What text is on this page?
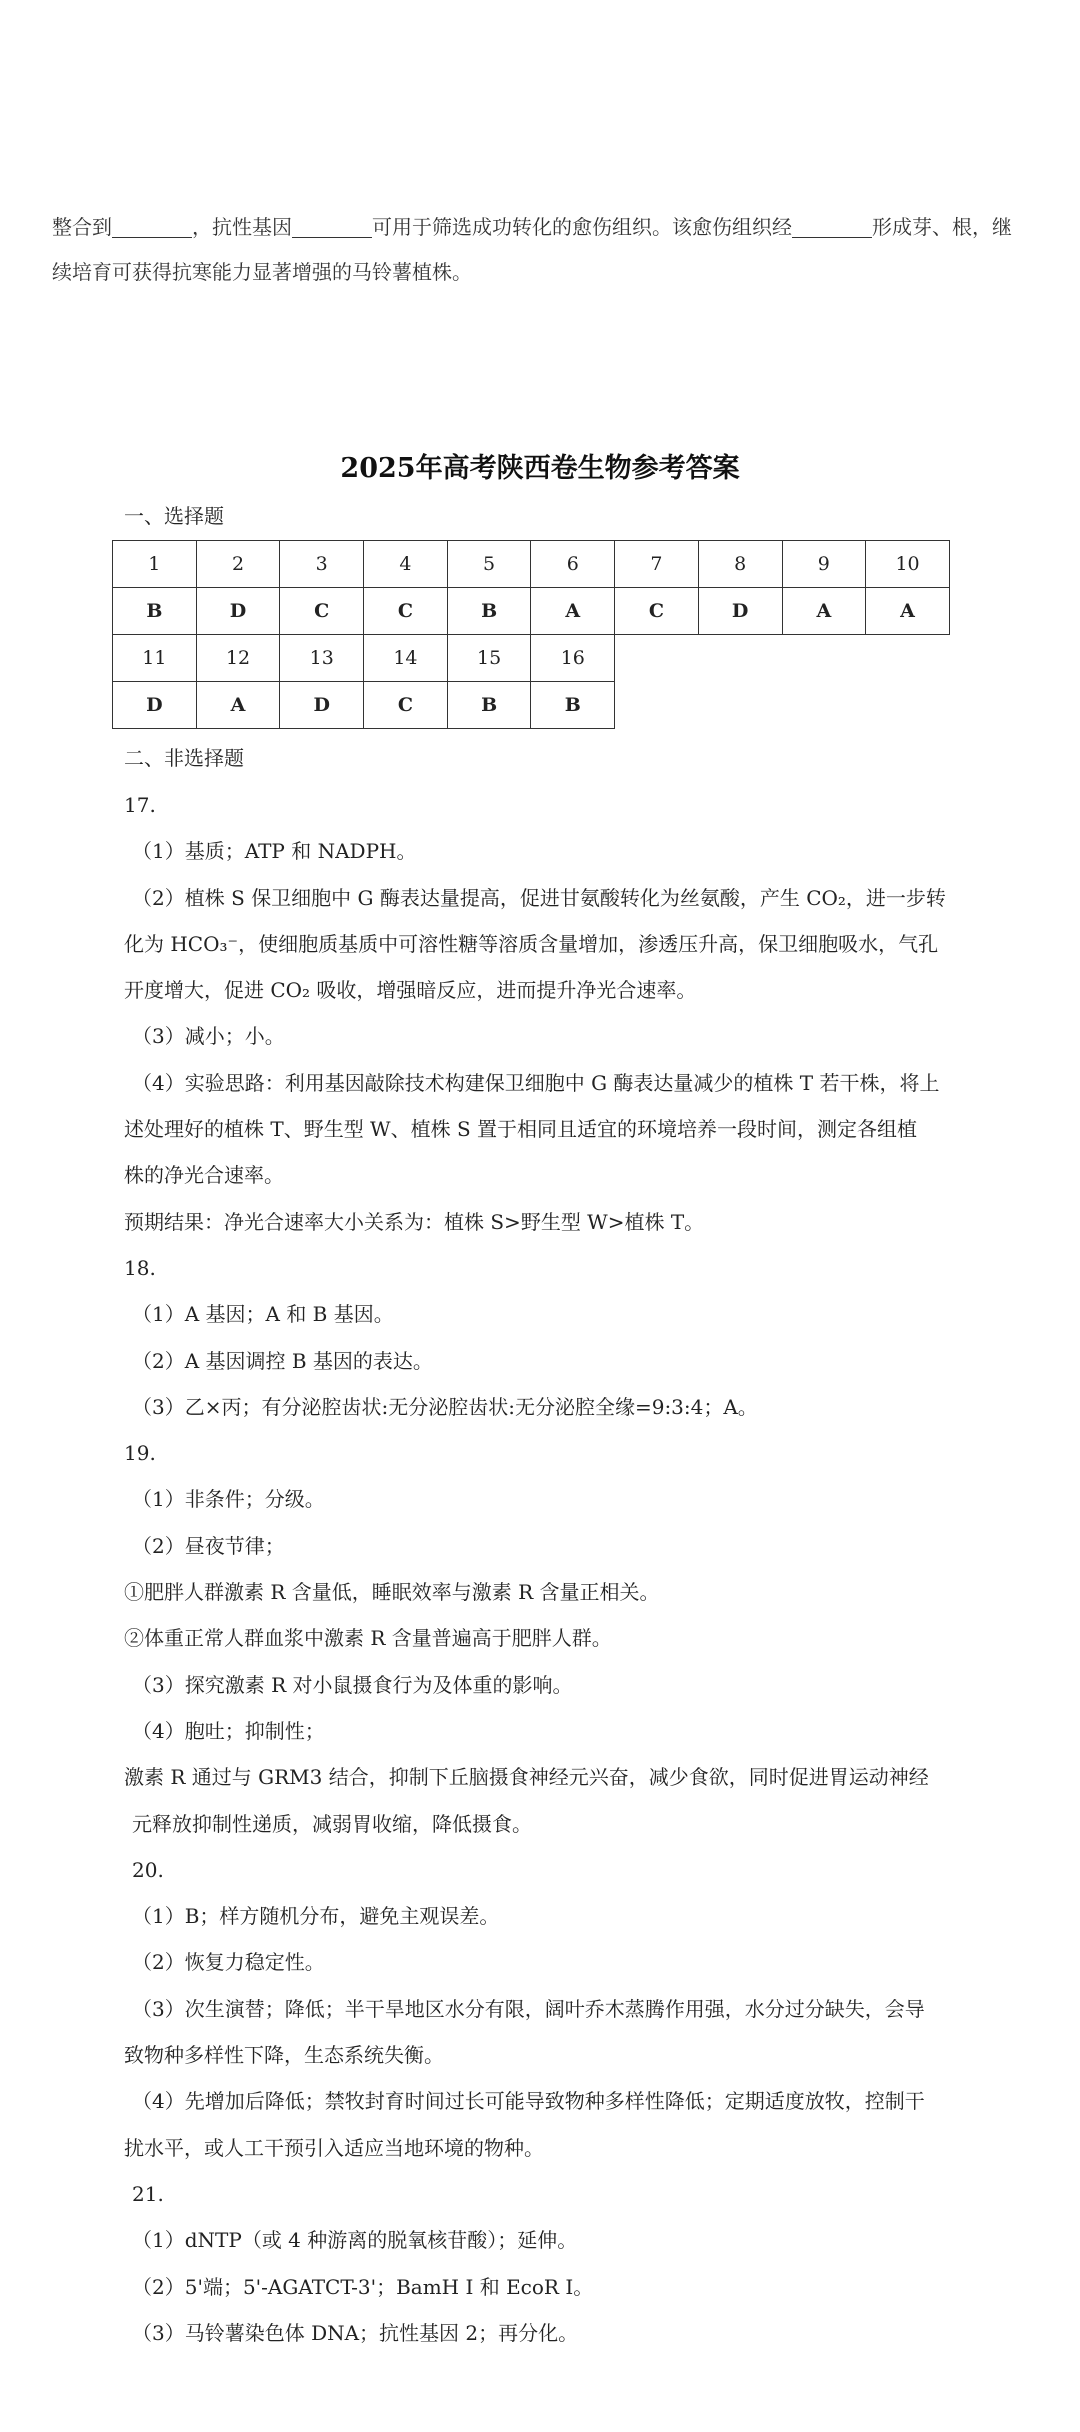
整合到	，抗性基因	可用于筛选成功转化的愈伤组织。该愈伤组织经	形成芽、根，继
续培育可获得抗寒能力显著增强的马铃薯植株。
2025年高考陕西卷生物参考答案
一、选择题
1	2	3	4	5	6	7	8	9	10
B	D	C	C	B	A	C	D	A	A
11	12	13	14	15	16				
D	A	D	C	B	B				
二、非选择题
17.
（1）基质；ATP 和 NADPH。
（2）植株 S 保卫细胞中 G 酶表达量提高，促进甘氨酸转化为丝氨酸，产生 CO₂，进一步转
化为 HCO₃⁻，使细胞质基质中可溶性糖等溶质含量增加，渗透压升高，保卫细胞吸水，气孔
开度增大，促进 CO₂ 吸收，增强暗反应，进而提升净光合速率。
（3）减小；小。
（4）实验思路：利用基因敲除技术构建保卫细胞中 G 酶表达量减少的植株 T 若干株，将上
述处理好的植株 T、野生型 W、植株 S 置于相同且适宜的环境培养一段时间，测定各组植
株的净光合速率。
预期结果：净光合速率大小关系为：植株 S>野生型 W>植株 T。
18.
（1）A 基因；A 和 B 基因。
（2）A 基因调控 B 基因的表达。
（3）乙×丙；有分泌腔齿状:无分泌腔齿状:无分泌腔全缘=9:3:4；A。
19.
（1）非条件；分级。
（2）昼夜节律；
①肥胖人群激素 R 含量低，睡眠效率与激素 R 含量正相关。
②体重正常人群血浆中激素 R 含量普遍高于肥胖人群。
（3）探究激素 R 对小鼠摄食行为及体重的影响。
（4）胞吐；抑制性；
激素 R 通过与 GRM3 结合，抑制下丘脑摄食神经元兴奋，减少食欲，同时促进胃运动神经
元释放抑制性递质，减弱胃收缩，降低摄食。
20.
（1）B；样方随机分布，避免主观误差。
（2）恢复力稳定性。
（3）次生演替；降低；半干旱地区水分有限，阔叶乔木蒸腾作用强，水分过分缺失，会导
致物种多样性下降，生态系统失衡。
（4）先增加后降低；禁牧封育时间过长可能导致物种多样性降低；定期适度放牧，控制干
扰水平，或人工干预引入适应当地环境的物种。
21.
（1）dNTP（或 4 种游离的脱氧核苷酸）；延伸。
（2）5'端；5'-AGATCT-3'；BamH I 和 EcoR I。
（3）马铃薯染色体 DNA；抗性基因 2；再分化。
